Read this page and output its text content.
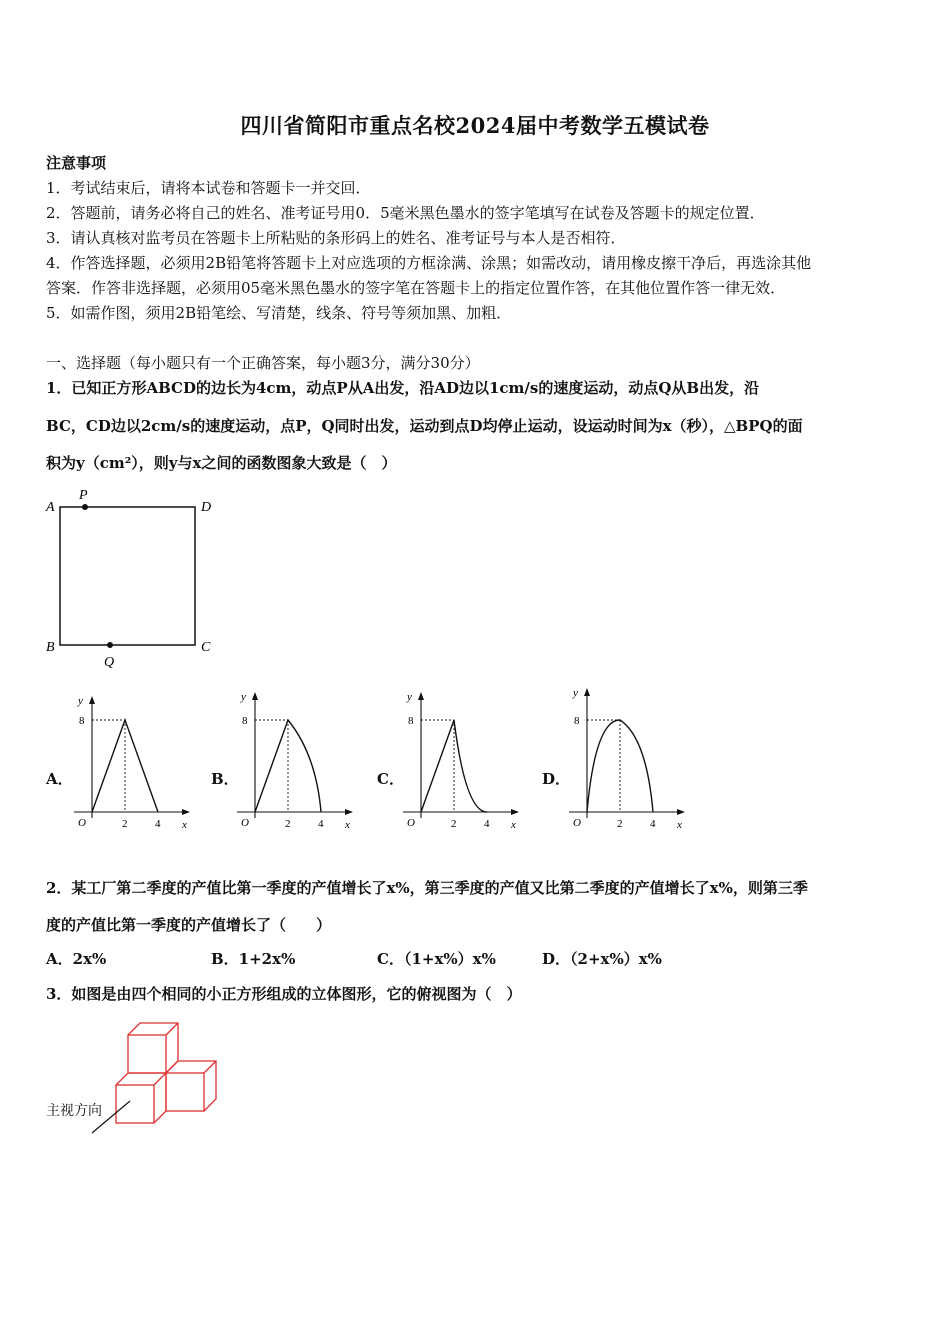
四川省简阳市重点名校2024届中考数学五模试卷
注意事项
1．考试结束后，请将本试卷和答题卡一并交回．
2．答题前，请务必将自己的姓名、准考证号用0．5毫米黑色墨水的签字笔填写在试卷及答题卡的规定位置．
3．请认真核对监考员在答题卡上所粘贴的条形码上的姓名、准考证号与本人是否相符．
4．作答选择题，必须用2B铅笔将答题卡上对应选项的方框涂满、涂黑；如需改动，请用橡皮擦干净后，再选涂其他
答案．作答非选择题，必须用05毫米黑色墨水的签字笔在答题卡上的指定位置作答，在其他位置作答一律无效．
5．如需作图，须用2B铅笔绘、写清楚，线条、符号等须加黑、加粗．
一、选择题（每小题只有一个正确答案，每小题3分，满分30分）
1．已知正方形ABCD的边长为4cm，动点P从A出发，沿AD边以1cm/s的速度运动，动点Q从B出发，沿
BC，CD边以2cm/s的速度运动，点P，Q同时出发，运动到点D均停止运动，设运动时间为x（秒），△BPQ的面
积为y（cm²），则y与x之间的函数图象大致是（　）
A
P
D
B
Q
C
A．	B．	C．	D．
y
x
O
8
2	4
y
x
O
8
2	4
y
x
O
8
2	4
y
x
O
8
2	4
2．某工厂第二季度的产值比第一季度的产值增长了x%，第三季度的产值又比第二季度的产值增长了x%，则第三季
度的产值比第一季度的产值增长了（　　）
A．2x%	B．1+2x%	C．（1+x%）x%	D．（2+x%）x%
3．如图是由四个相同的小正方形组成的立体图形，它的俯视图为（　）
主视方向
